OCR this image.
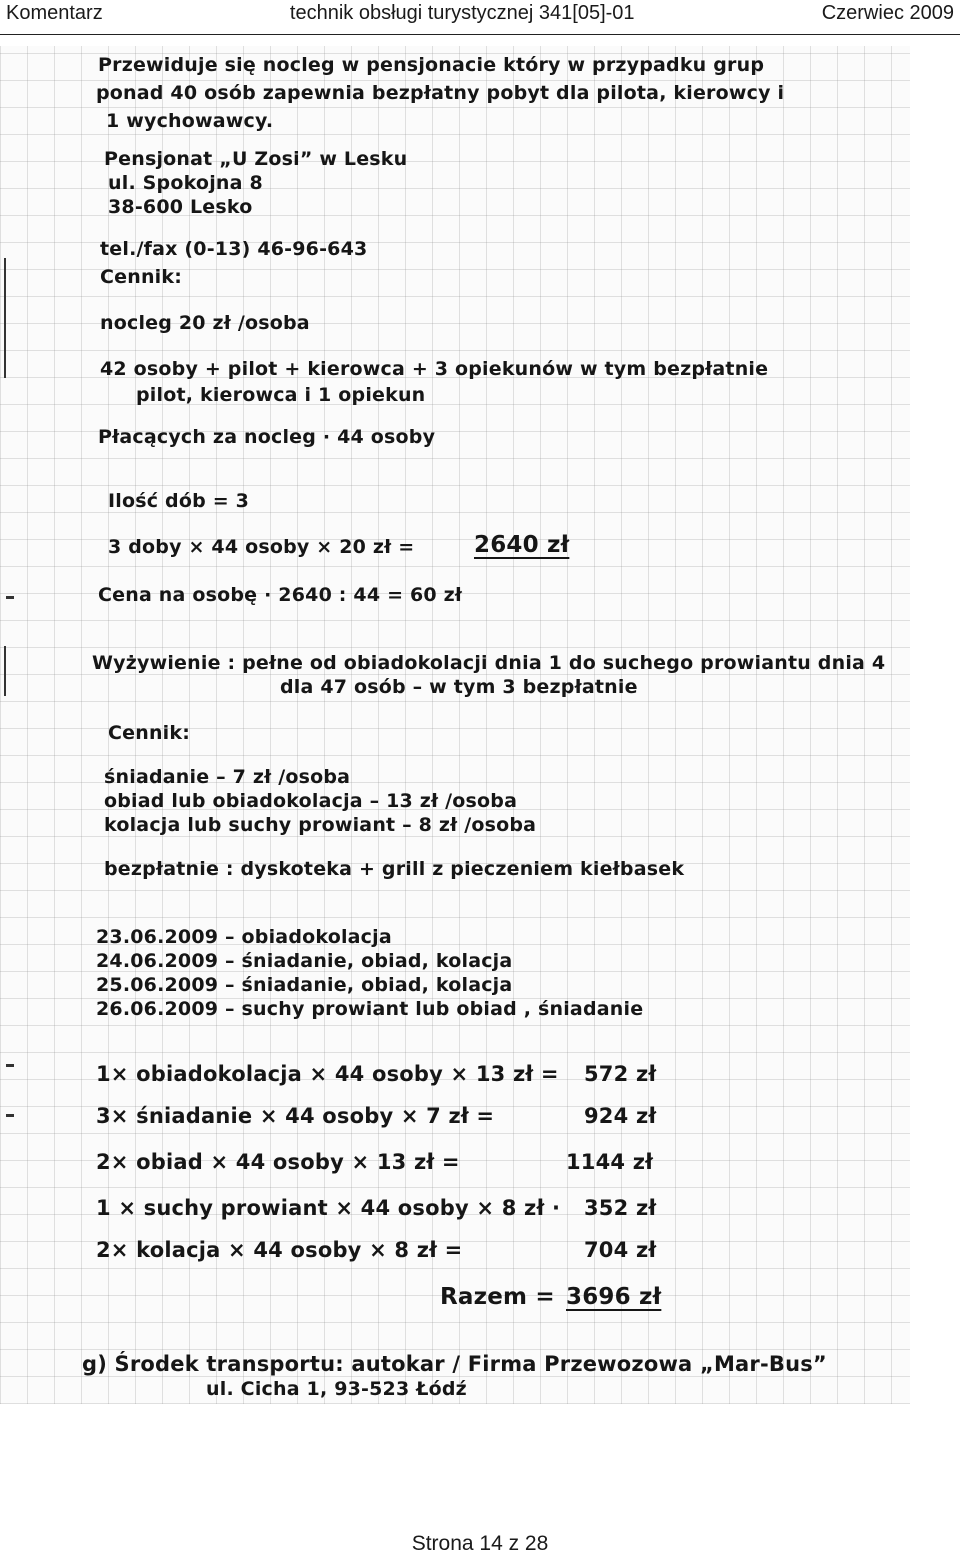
Komentarz	technik obsługi turystycznej 341[05]-01	Czerwiec 2009
Przewiduje się nocleg w pensjonacie który w przypadku grup
ponad 40 osób zapewnia bezpłatny pobyt dla pilota, kierowcy i
1 wychowawcy.
Pensjonat „U Zosi” w Lesku
ul. Spokojna 8
38-600 Lesko
tel./fax (0-13) 46-96-643
Cennik:
nocleg 20 zł /osoba
42 osoby + pilot + kierowca + 3 opiekunów w tym bezpłatnie
pilot, kierowca i 1 opiekun
Płacących za nocleg · 44 osoby
Ilość dób = 3
3 doby × 44 osoby × 20 zł =	2640 zł
Cena na osobę · 2640 : 44 = 60 zł
Wyżywienie : pełne od obiadokolacji dnia 1 do suchego prowiantu dnia 4
dla 47 osób – w tym 3 bezpłatnie
Cennik:
śniadanie – 7 zł /osoba
obiad lub obiadokolacja – 13 zł /osoba
kolacja lub suchy prowiant – 8 zł /osoba
bezpłatnie : dyskoteka + grill z pieczeniem kiełbasek
23.06.2009 – obiadokolacja
24.06.2009 – śniadanie, obiad, kolacja
25.06.2009 – śniadanie, obiad, kolacja
26.06.2009 – suchy prowiant lub obiad , śniadanie
1× obiadokolacja × 44 osoby × 13 zł = 572 zł
3× śniadanie × 44 osoby × 7 zł =	924 zł
2× obiad × 44 osoby × 13 zł =	1144 zł
1 × suchy prowiant × 44 osoby × 8 zł · 352 zł
2× kolacja × 44 osoby × 8 zł =	704 zł
Razem = 3696 zł
g) Środek transportu: autokar / Firma Przewozowa „Mar-Bus”
ul. Cicha 1, 93-523 Łódź
Strona 14 z 28
